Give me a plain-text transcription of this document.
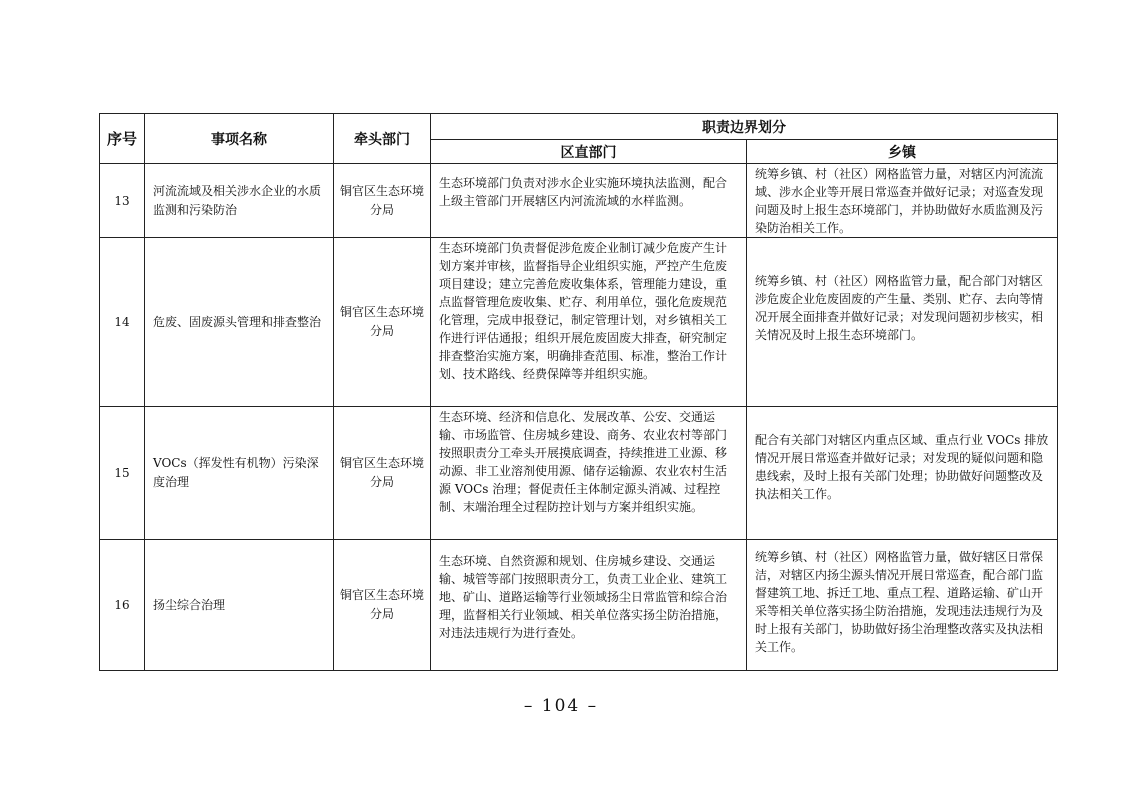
序号	事项名称	牵头部门	职责边界划分	
			区直部门	乡镇
13	河流流域及相关涉水企业的水质监测和污染防治	铜官区生态环境分局	生态环境部门负责对涉水企业实施环境执法监测，配合上级主管部门开展辖区内河流流域的水样监测。	统筹乡镇、村（社区）网格监管力量，对辖区内河流流域、涉水企业等开展日常巡查并做好记录；对巡查发现问题及时上报生态环境部门，并协助做好水质监测及污染防治相关工作。
14	危废、固废源头管理和排查整治	铜官区生态环境分局	生态环境部门负责督促涉危废企业制订减少危废产生计划方案并审核，监督指导企业组织实施，严控产生危废项目建设；建立完善危废收集体系，管理能力建设，重点监督管理危废收集、贮存、利用单位，强化危废规范化管理，完成申报登记，制定管理计划，对乡镇相关工作进行评估通报；组织开展危废固废大排查，研究制定排查整治实施方案，明确排查范围、标准，整治工作计划、技术路线、经费保障等并组织实施。	统筹乡镇、村（社区）网格监管力量，配合部门对辖区涉危废企业危废固废的产生量、类别、贮存、去向等情况开展全面排查并做好记录；对发现问题初步核实，相关情况及时上报生态环境部门。
15	VOCs（挥发性有机物）污染深度治理	铜官区生态环境分局	生态环境、经济和信息化、发展改革、公安、交通运输、市场监管、住房城乡建设、商务、农业农村等部门按照职责分工牵头开展摸底调查，持续推进工业源、移动源、非工业溶剂使用源、储存运输源、农业农村生活源 VOCs 治理；督促责任主体制定源头消减、过程控制、末端治理全过程防控计划与方案并组织实施。	配合有关部门对辖区内重点区域、重点行业 VOCs 排放情况开展日常巡查并做好记录；对发现的疑似问题和隐患线索，及时上报有关部门处理；协助做好问题整改及执法相关工作。
16	扬尘综合治理	铜官区生态环境分局	生态环境、自然资源和规划、住房城乡建设、交通运输、城管等部门按照职责分工，负责工业企业、建筑工地、矿山、道路运输等行业领域扬尘日常监管和综合治理，监督相关行业领域、相关单位落实扬尘防治措施，对违法违规行为进行查处。	统筹乡镇、村（社区）网格监管力量，做好辖区日常保洁，对辖区内扬尘源头情况开展日常巡查，配合部门监督建筑工地、拆迁工地、重点工程、道路运输、矿山开采等相关单位落实扬尘防治措施，发现违法违规行为及时上报有关部门，协助做好扬尘治理整改落实及执法相关工作。
– 104 –
